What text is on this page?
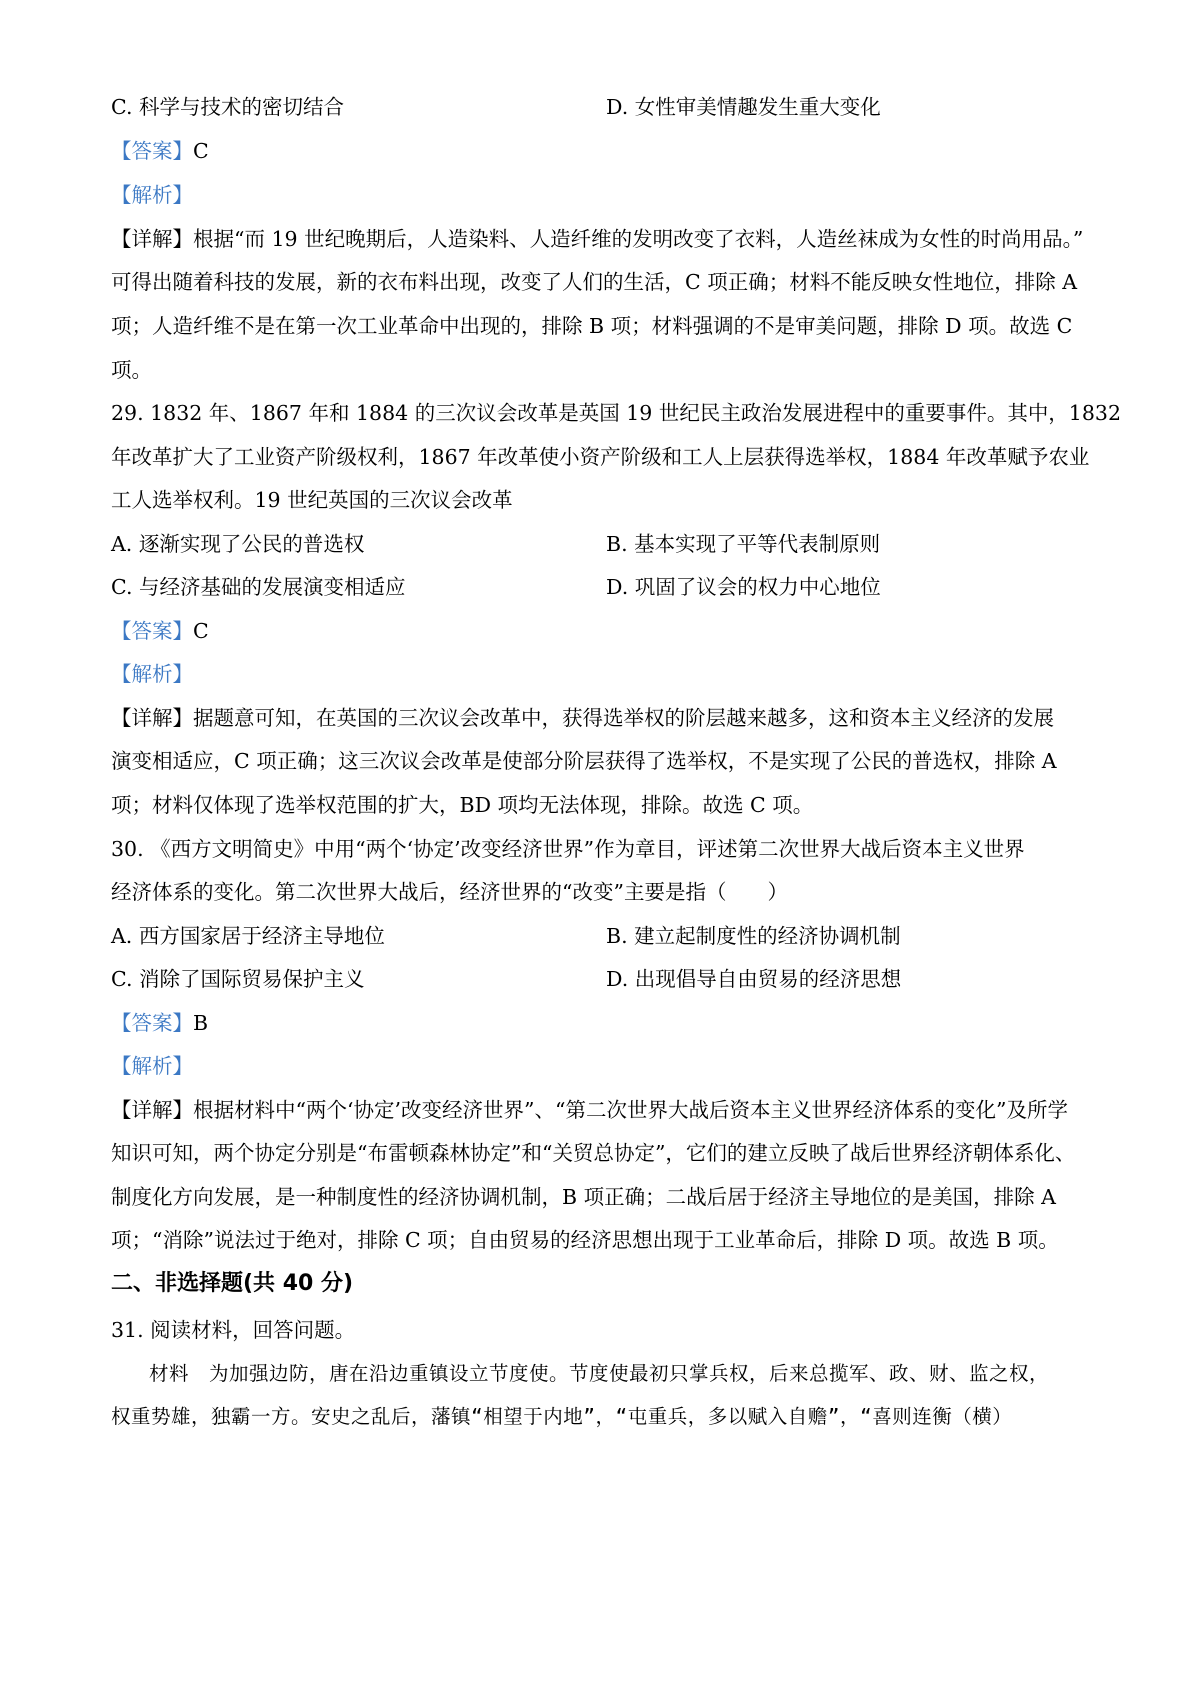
C. 科学与技术的密切结合	D. 女性审美情趣发生重大变化
【答案】C
【解析】
【详解】根据“而 19 世纪晚期后，人造染料、人造纤维的发明改变了衣料，人造丝袜成为女性的时尚用品。”
可得出随着科技的发展，新的衣布料出现，改变了人们的生活，C 项正确；材料不能反映女性地位，排除 A
项；人造纤维不是在第一次工业革命中出现的，排除 B 项；材料强调的不是审美问题，排除 D 项。故选 C
项。
29. 1832 年、1867 年和 1884 的三次议会改革是英国 19 世纪民主政治发展进程中的重要事件。其中，1832
年改革扩大了工业资产阶级权利，1867 年改革使小资产阶级和工人上层获得选举权，1884 年改革赋予农业
工人选举权利。19 世纪英国的三次议会改革
A. 逐渐实现了公民的普选权	B. 基本实现了平等代表制原则
C. 与经济基础的发展演变相适应	D. 巩固了议会的权力中心地位
【答案】C
【解析】
【详解】据题意可知，在英国的三次议会改革中，获得选举权的阶层越来越多，这和资本主义经济的发展
演变相适应，C 项正确；这三次议会改革是使部分阶层获得了选举权，不是实现了公民的普选权，排除 A
项；材料仅体现了选举权范围的扩大，BD 项均无法体现，排除。故选 C 项。
30. 《西方文明简史》中用“两个‘协定’改变经济世界”作为章目，评述第二次世界大战后资本主义世界
经济体系的变化。第二次世界大战后，经济世界的“改变”主要是指（　　）
A. 西方国家居于经济主导地位	B. 建立起制度性的经济协调机制
C. 消除了国际贸易保护主义	D. 出现倡导自由贸易的经济思想
【答案】B
【解析】
【详解】根据材料中“两个‘协定’改变经济世界”、“第二次世界大战后资本主义世界经济体系的变化”及所学
知识可知，两个协定分别是“布雷顿森林协定”和“关贸总协定”，它们的建立反映了战后世界经济朝体系化、
制度化方向发展，是一种制度性的经济协调机制，B 项正确；二战后居于经济主导地位的是美国，排除 A
项；“消除”说法过于绝对，排除 C 项；自由贸易的经济思想出现于工业革命后，排除 D 项。故选 B 项。
二、非选择题(共 40 分)
31. 阅读材料，回答问题。
材料　为加强边防，唐在沿边重镇设立节度使。节度使最初只掌兵权，后来总揽军、政、财、监之权，
权重势雄，独霸一方。安史之乱后，藩镇“相望于内地”，“屯重兵，多以赋入自赡”，“喜则连衡（横）
